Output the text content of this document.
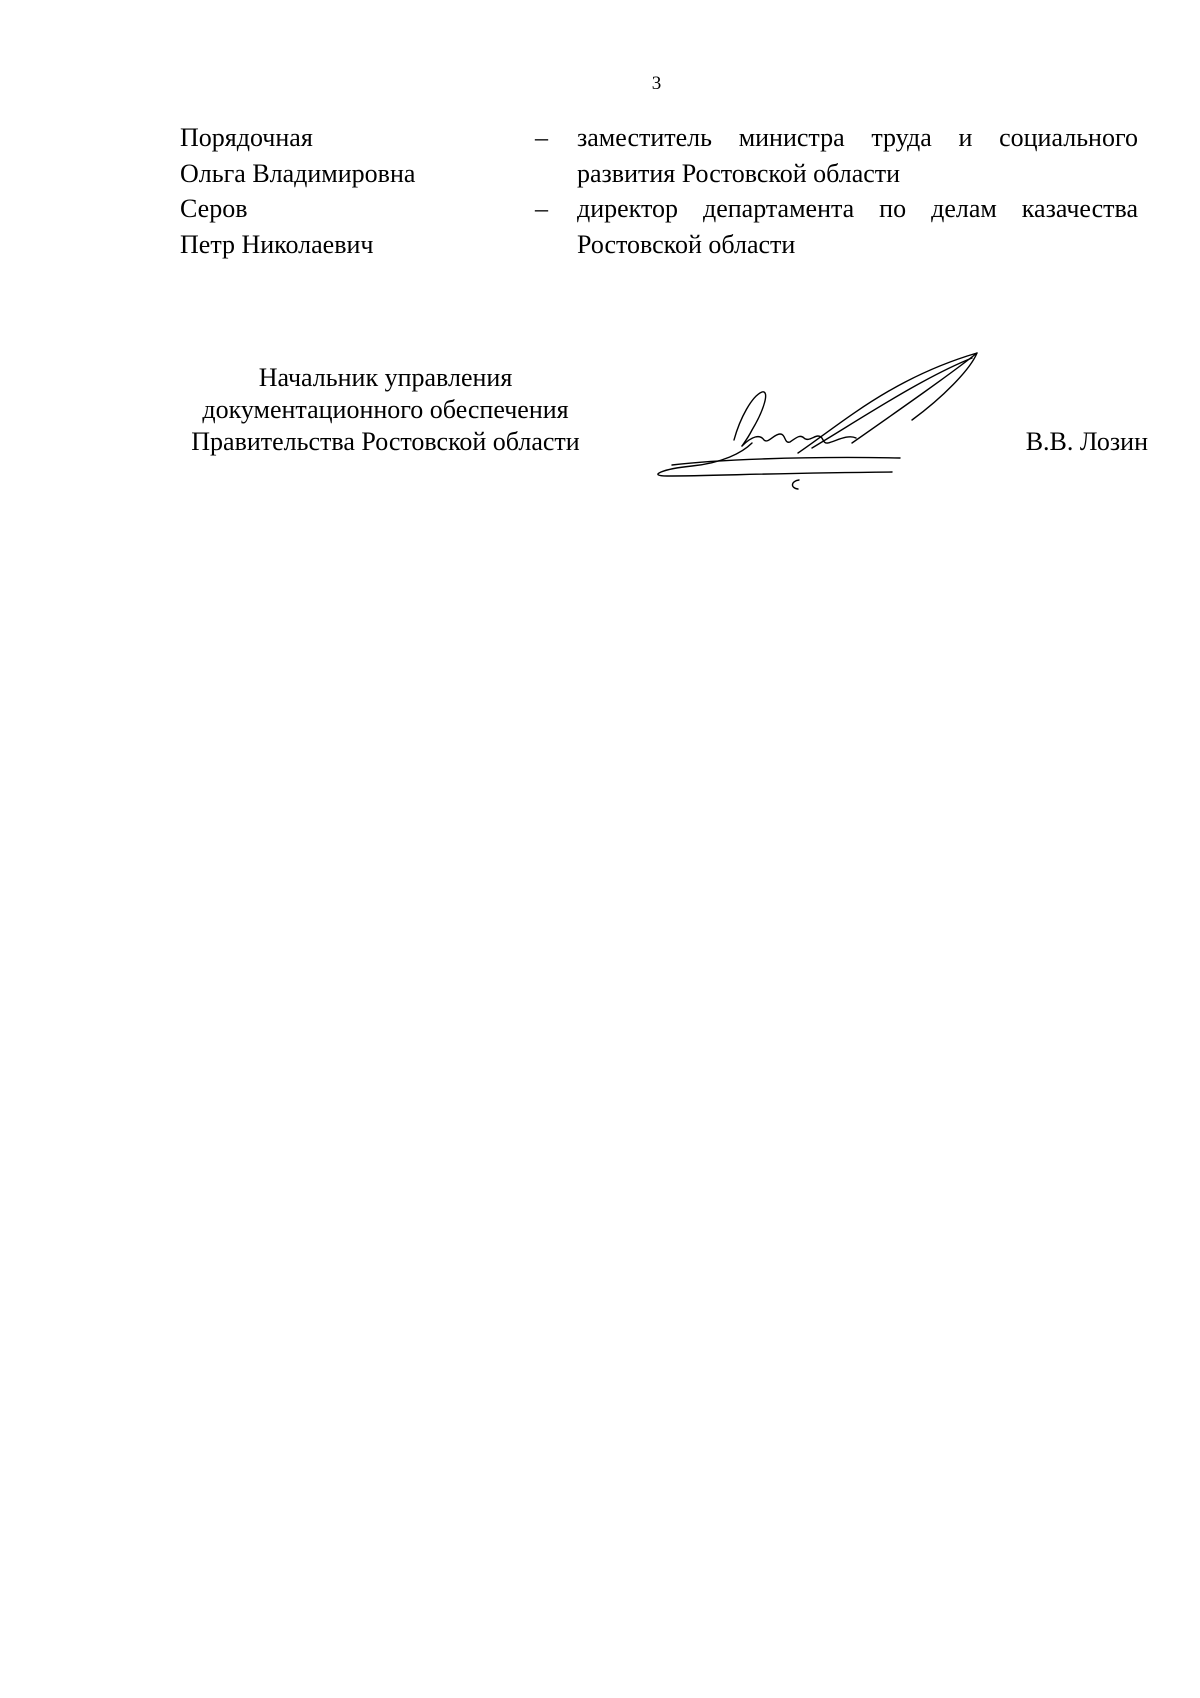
3
Порядочная
Ольга Владимировна
–	заместитель министра труда и социального развития Ростовской области
Серов
Петр Николаевич
–	директор департамента по делам казачества Ростовской области
Начальник управления
документационного обеспечения
Правительства Ростовской области	В.В. Лозин
